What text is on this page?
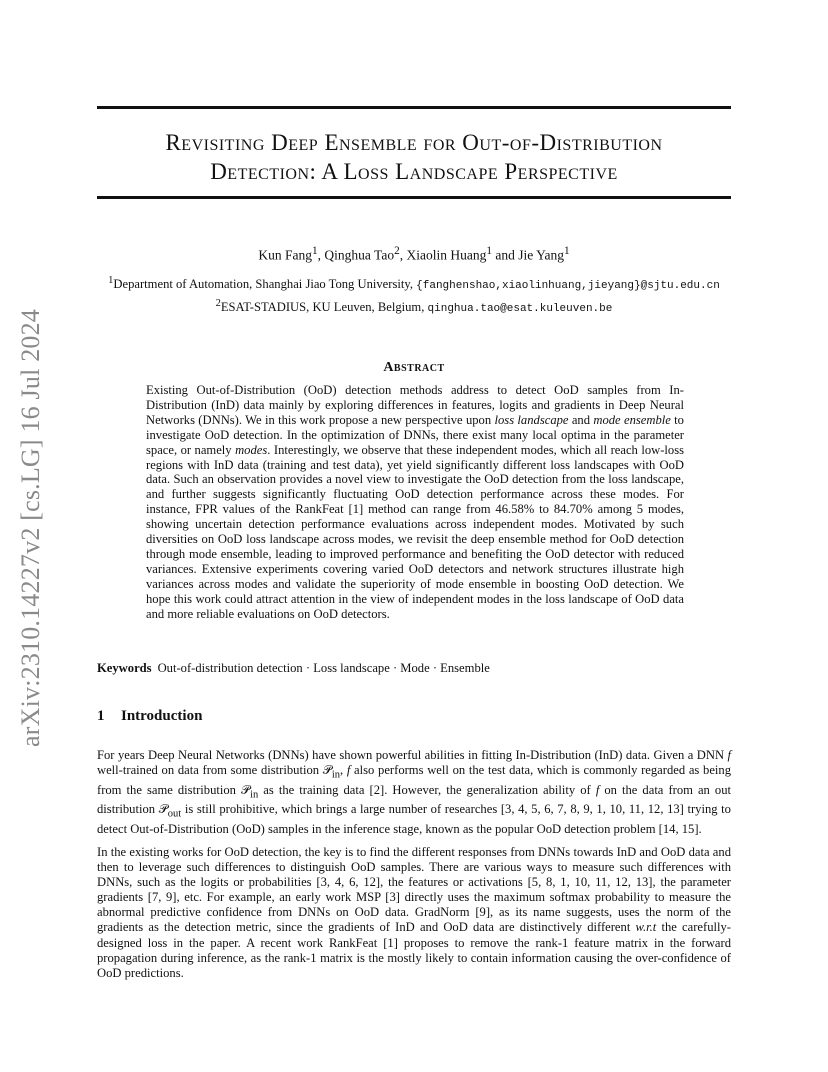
arXiv:2310.14227v2 [cs.LG] 16 Jul 2024
Revisiting Deep Ensemble for Out-of-Distribution
Detection: A Loss Landscape Perspective
Kun Fang$^1$, Qinghua Tao$^2$, Xiaolin Huang$^1$ and Jie Yang$^1$
$^1$Department of Automation, Shanghai Jiao Tong University, {fanghenshao,xiaolinhuang,jieyang}@sjtu.edu.cn
$^2$ESAT-STADIUS, KU Leuven, Belgium, qinghua.tao@esat.kuleuven.be
Abstract
Existing Out-of-Distribution (OoD) detection methods address to detect OoD samples from In-Distribution (InD) data mainly by exploring differences in features, logits and gradients in Deep Neural Networks (DNNs). We in this work propose a new perspective upon loss landscape and mode ensemble to investigate OoD detection. In the optimization of DNNs, there exist many local optima in the parameter space, or namely modes. Interestingly, we observe that these independent modes, which all reach low-loss regions with InD data (training and test data), yet yield significantly different loss landscapes with OoD data. Such an observation provides a novel view to investigate the OoD detection from the loss landscape, and further suggests significantly fluctuating OoD detection performance across these modes. For instance, FPR values of the RankFeat [1] method can range from 46.58% to 84.70% among 5 modes, showing uncertain detection performance evaluations across independent modes. Motivated by such diversities on OoD loss landscape across modes, we revisit the deep ensemble method for OoD detection through mode ensemble, leading to improved performance and benefiting the OoD detector with reduced variances. Extensive experiments covering varied OoD detectors and network structures illustrate high variances across modes and validate the superiority of mode ensemble in boosting OoD detection. We hope this work could attract attention in the view of independent modes in the loss landscape of OoD data and more reliable evaluations on OoD detectors.
Keywords Out-of-distribution detection · Loss landscape · Mode · Ensemble
1 Introduction
For years Deep Neural Networks (DNNs) have shown powerful abilities in fitting In-Distribution (InD) data. Given a DNN f well-trained on data from some distribution 𝒫$_{in}$, f also performs well on the test data, which is commonly regarded as being from the same distribution 𝒫$_{in}$ as the training data [2]. However, the generalization ability of f on the data from an out distribution 𝒫$_{out}$ is still prohibitive, which brings a large number of researches [3, 4, 5, 6, 7, 8, 9, 1, 10, 11, 12, 13] trying to detect Out-of-Distribution (OoD) samples in the inference stage, known as the popular OoD detection problem [14, 15].
In the existing works for OoD detection, the key is to find the different responses from DNNs towards InD and OoD data and then to leverage such differences to distinguish OoD samples. There are various ways to measure such differences with DNNs, such as the logits or probabilities [3, 4, 6, 12], the features or activations [5, 8, 1, 10, 11, 12, 13], the parameter gradients [7, 9], etc. For example, an early work MSP [3] directly uses the maximum softmax probability to measure the abnormal predictive confidence from DNNs on OoD data. GradNorm [9], as its name suggests, uses the norm of the gradients as the detection metric, since the gradients of InD and OoD data are distinctively different w.r.t the carefully-designed loss in the paper. A recent work RankFeat [1] proposes to remove the rank-1 feature matrix in the forward propagation during inference, as the rank-1 matrix is the mostly likely to contain information causing the over-confidence of OoD predictions.
